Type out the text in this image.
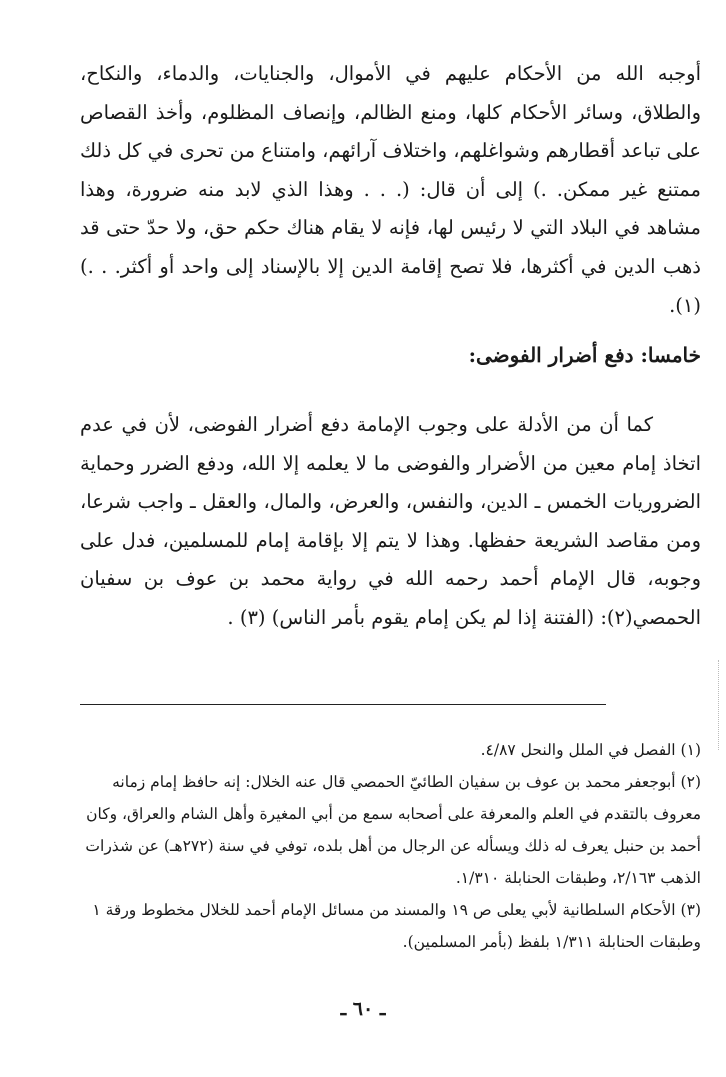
أوجبه الله من الأحكام عليهم في الأموال، والجنايات، والدماء، والنكاح، والطلاق، وسائر الأحكام كلها، ومنع الظالم، وإنصاف المظلوم، وأخذ القصاص على تباعد أقطارهم وشواغلهم، واختلاف آرائهم، وامتناع من تحرى في كل ذلك ممتنع غير ممكن. .) إلى أن قال: (. . . وهذا الذي لابد منه ضرورة، وهذا مشاهد في البلاد التي لا رئيس لها، فإنه لا يقام هناك حكم حق، ولا حدّ حتى قد ذهب الدين في أكثرها، فلا تصح إقامة الدين إلا بالإسناد إلى واحد أو أكثر. . .)(١).

خامسا: دفع أضرار الفوضى:

كما أن من الأدلة على وجوب الإمامة دفع أضرار الفوضى، لأن في عدم اتخاذ إمام معين من الأضرار والفوضى ما لا يعلمه إلا الله، ودفع الضرر وحماية الضروريات الخمس ـ الدين، والنفس، والعرض، والمال، والعقل ـ واجب شرعا، ومن مقاصد الشريعة حفظها. وهذا لا يتم إلا بإقامة إمام للمسلمين، فدل على وجوبه، قال الإمام أحمد رحمه الله في رواية محمد بن عوف بن سفيان الحمصي(٢): (الفتنة إذا لم يكن إمام يقوم بأمر الناس) (٣) .

(١) الفصل في الملل والنحل ٤/٨٧.
(٢) أبوجعفر محمد بن عوف بن سفيان الطائيّ الحمصي قال عنه الخلال: إنه حافظ إمام زمانه معروف بالتقدم في العلم والمعرفة على أصحابه سمع من أبي المغيرة وأهل الشام والعراق، وكان أحمد بن حنبل يعرف له ذلك ويسأله عن الرجال من أهل بلده، توفي في سنة (٢٧٢هـ) عن شذرات الذهب ٢/١٦٣، وطبقات الحنابلة ١/٣١٠.
(٣) الأحكام السلطانية لأبي يعلى ص ١٩ والمسند من مسائل الإمام أحمد للخلال مخطوط ورقة ١ وطبقات الحنابلة ١/٣١١ بلفظ (بأمر المسلمين).
ـ ٦٠ ـ
